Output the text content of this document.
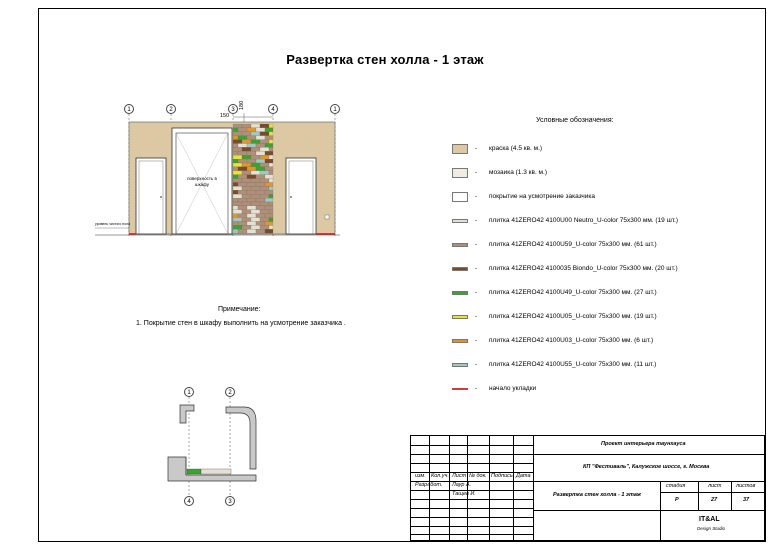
Развертка стен холла - 1 этаж
1	2	3	4	1
150
180
поверхность в шкафу
уровень чистого пола
Условные обозначения:
- краска (4.5 кв. м.)
- мозаика (1.3 кв. м.)
- покрытие на усмотрение заказчика
- плитка 41ZERO42 4100U00 Neutro_U-color 75х300 мм. (19 шт.)
- плитка 41ZERO42 4100U59_U-color 75х300 мм. (61 шт.)
- плитка 41ZERO42 4100035 Biondo_U-color 75х300 мм. (20 шт.)
- плитка 41ZERO42 4100U49_U-color 75х300 мм. (27 шт.)
- плитка 41ZERO42 4100U05_U-color 75х300 мм. (19 шт.)
- плитка 41ZERO42 4100U03_U-color 75х300 мм. (6 шт.)
- плитка 41ZERO42 4100U55_U-color 75х300 мм. (11 шт.)
- начало укладки
Примечание:
1. Покрытие стен в шкафу выполнить на усмотрение заказчика .
1	2
4	3
изм. Кол.уч. Лист № док. Подпись Дата
Разработ. Лаур А.
Тащев И.
Проект интерьера таунхауса
КП "Фестиваль", Калужское шоссе, г. Москва
Развертка стен холла - 1 этаж
стадия	лист	листов
Р	27	37
IT&AL
Design Studio
